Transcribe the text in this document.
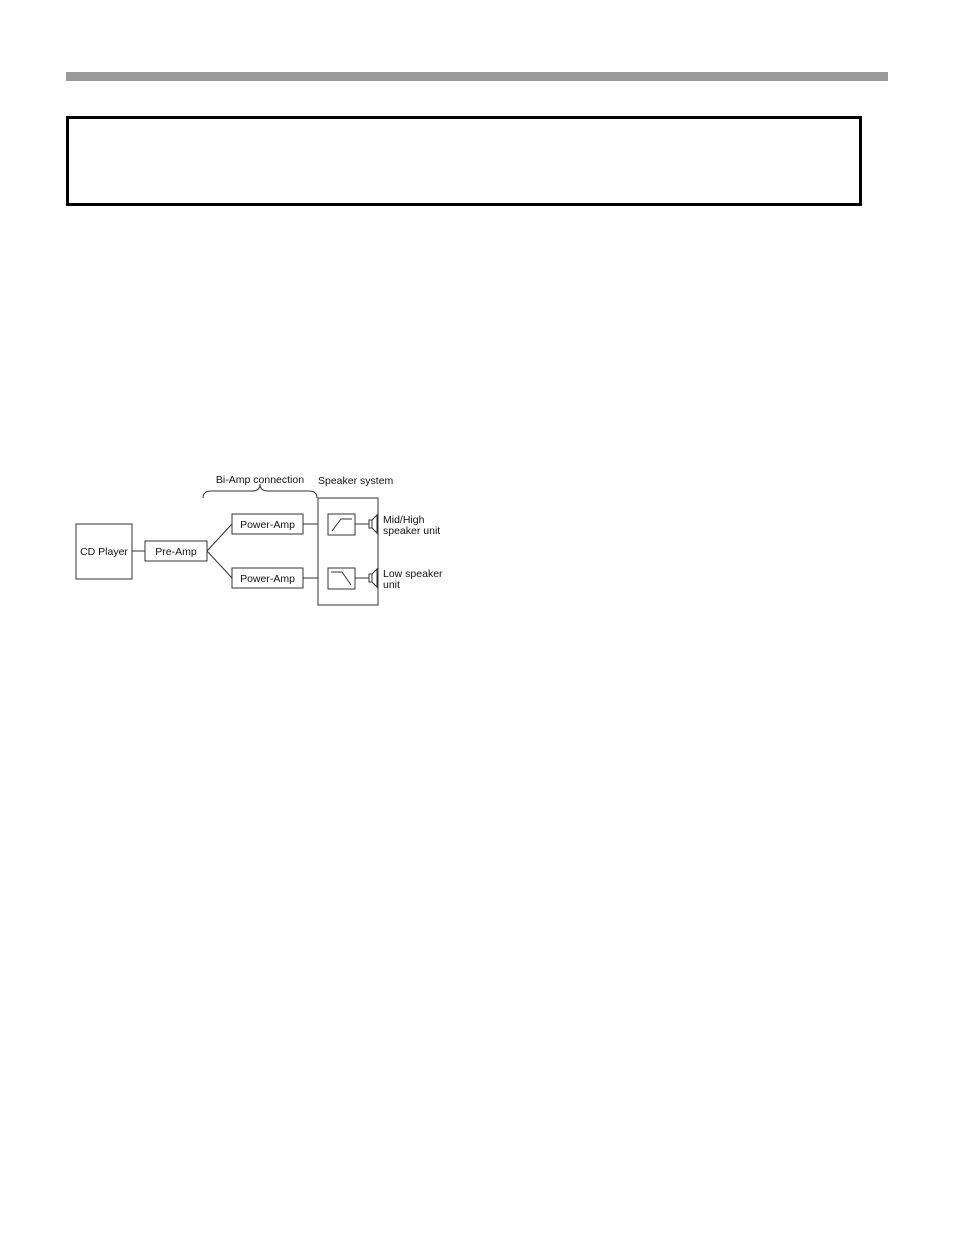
Bi-Amp connection Speaker system
CD Player	Pre-Amp
Power-Amp
Power-Amp
Mid/High
speaker unit
Low speaker
unit
